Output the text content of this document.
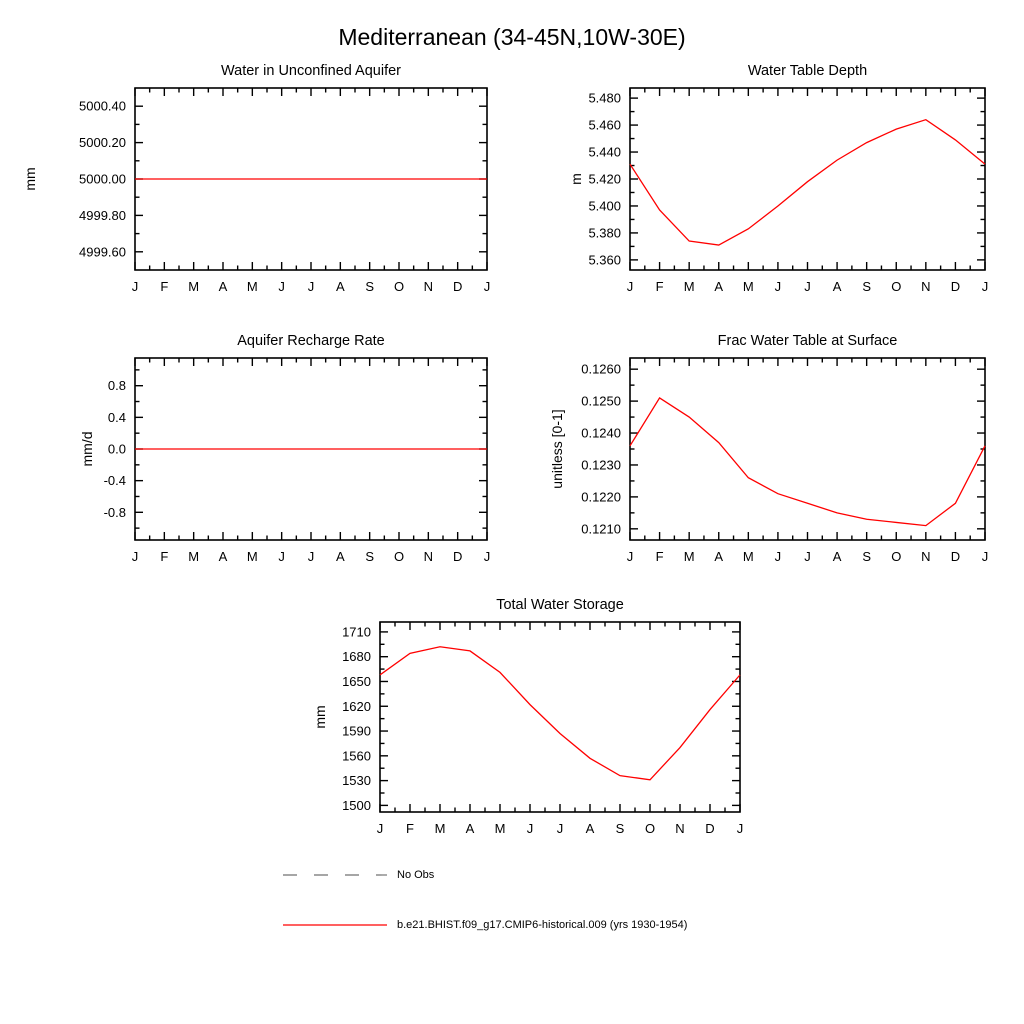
Mediterranean (34-45N,10W-30E)
J F M A M J J A S O N D J
4999.60
4999.80
5000.00
5000.20
5000.40
Water in Unconfined Aquifer
mm
J F M A M J J A S O N D J
5.360
5.380
5.400
5.420
5.440
5.460
5.480
Water Table Depth
m
J F M A M J J A S O N D J
-0.8
-0.4
0.0
0.4
0.8
Aquifer Recharge Rate
mm/d
J F M A M J J A S O N D J
0.1210
0.1220
0.1230
0.1240
0.1250
0.1260
Frac Water Table at Surface
unitless [0-1]
J F M A M J J A S O N D J
1500
1530
1560
1590
1620
1650
1680
1710
Total Water Storage
mm
No Obs
b.e21.BHIST.f09_g17.CMIP6-historical.009 (yrs 1930-1954)
